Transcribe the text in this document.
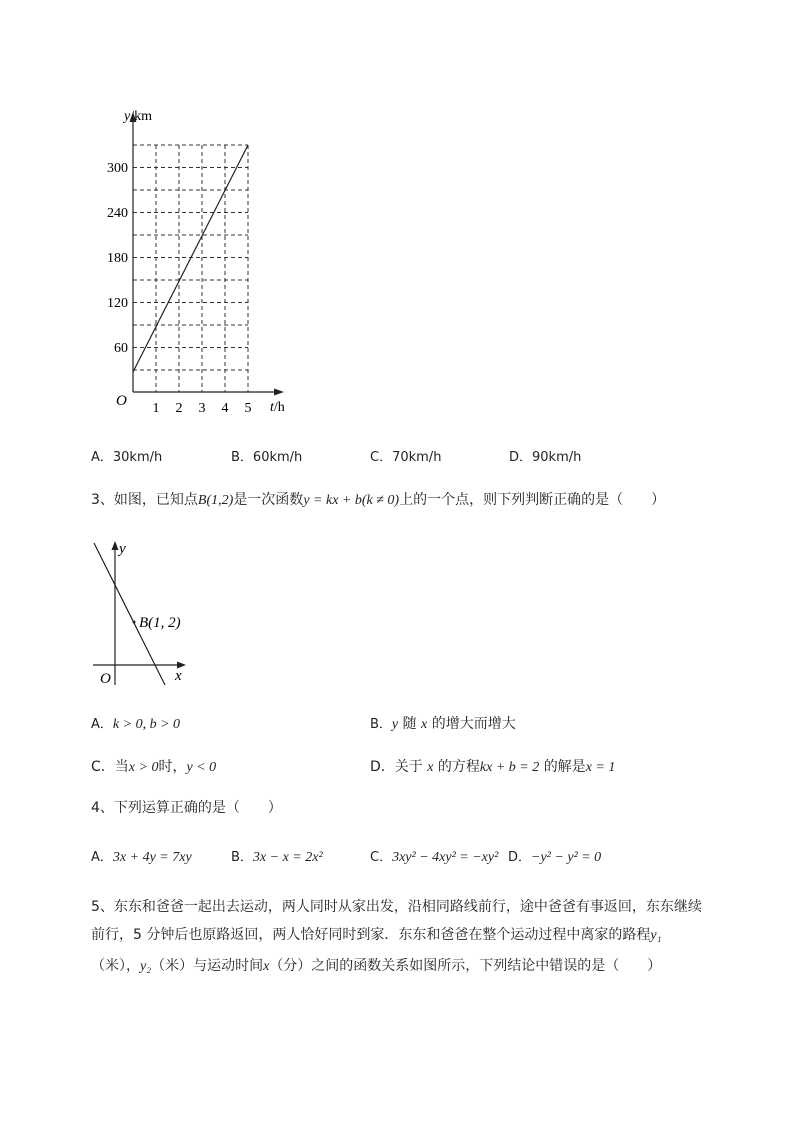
y/km
t/h
O
60
120
180
240
300
1 2 3 4 5
A．30km/h	B．60km/h	C．70km/h	D．90km/h
3、如图，已知点B(1,2)是一次函数y = kx + b(k ≠ 0)上的一个点，则下列判断正确的是（　　）
y
x
O
B(1, 2)
A．k > 0, b > 0	B．y 随 x 的增大而增大
C．当x > 0时，y < 0	D．关于 x 的方程kx + b = 2 的解是x = 1
4、下列运算正确的是（　　）
A．3x + 4y = 7xy	B．3x − x = 2x²	C．3xy² − 4xy² = −xy² D．−y² − y² = 0
5、东东和爸爸一起出去运动，两人同时从家出发，沿相同路线前行，途中爸爸有事返回，东东继续
前行，5 分钟后也原路返回，两人恰好同时到家．东东和爸爸在整个运动过程中离家的路程y₁
（米），y₂（米）与运动时间x（分）之间的函数关系如图所示，下列结论中错误的是（　　）
